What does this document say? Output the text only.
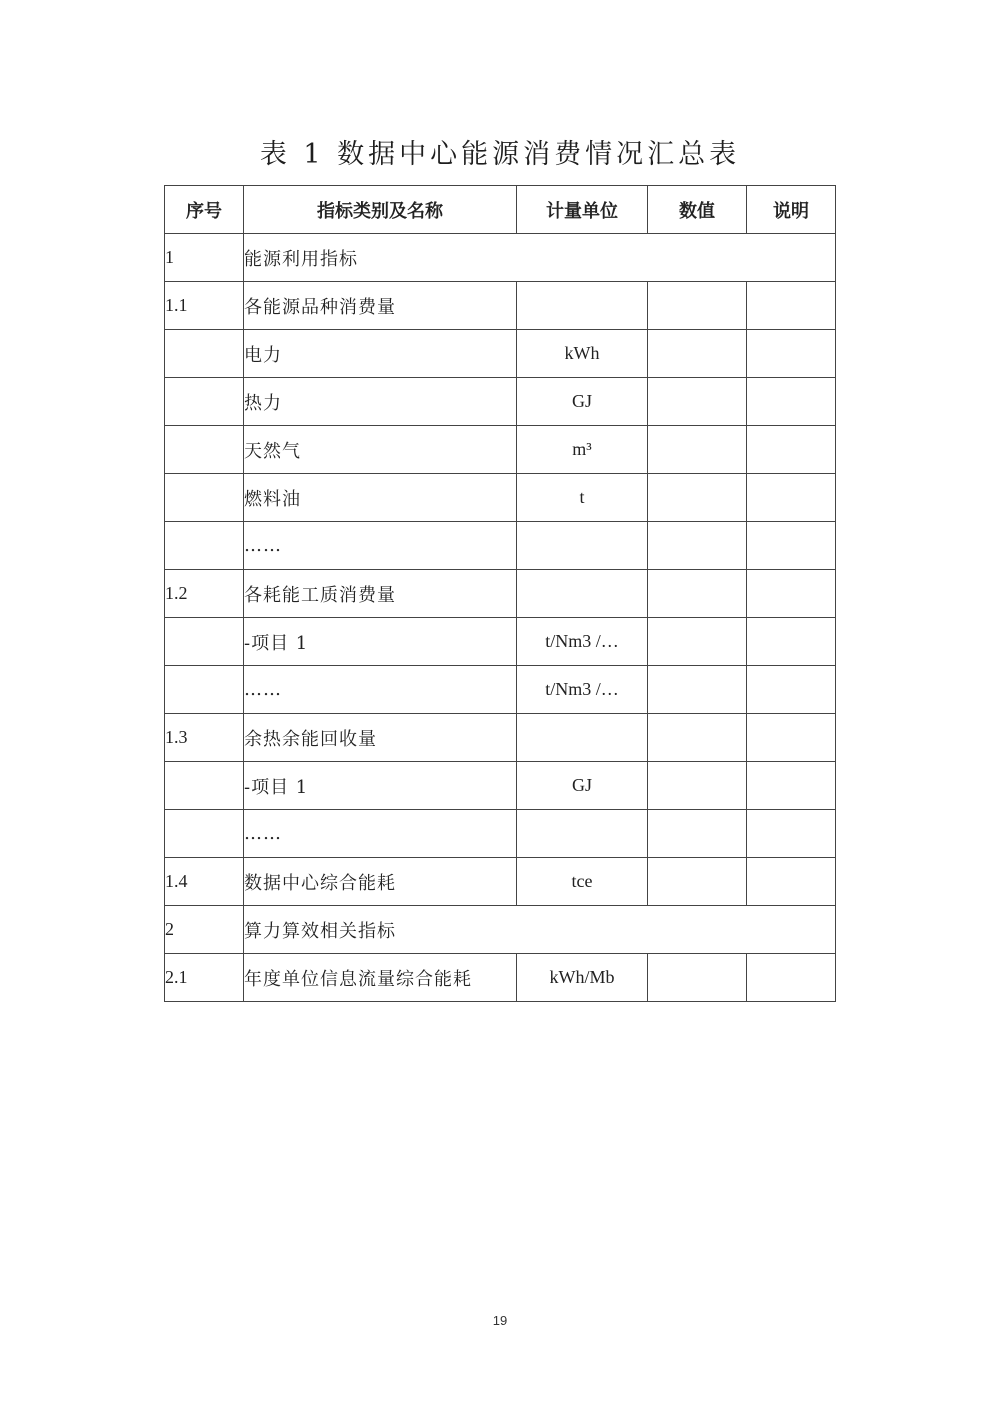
表 1 数据中心能源消费情况汇总表
序号	指标类别及名称	计量单位	数值	说明
1	能源利用指标			
1.1	各能源品种消费量			
	电力	kWh		
	热力	GJ		
	天然气	m³		
	燃料油	t		
	……			
1.2	各耗能工质消费量			
	-项目 1	t/Nm3 /…		
	……	t/Nm3 /…		
1.3	余热余能回收量			
	-项目 1	GJ		
	……			
1.4	数据中心综合能耗	tce		
2	算力算效相关指标			
2.1	年度单位信息流量综合能耗	kWh/Mb		
19
